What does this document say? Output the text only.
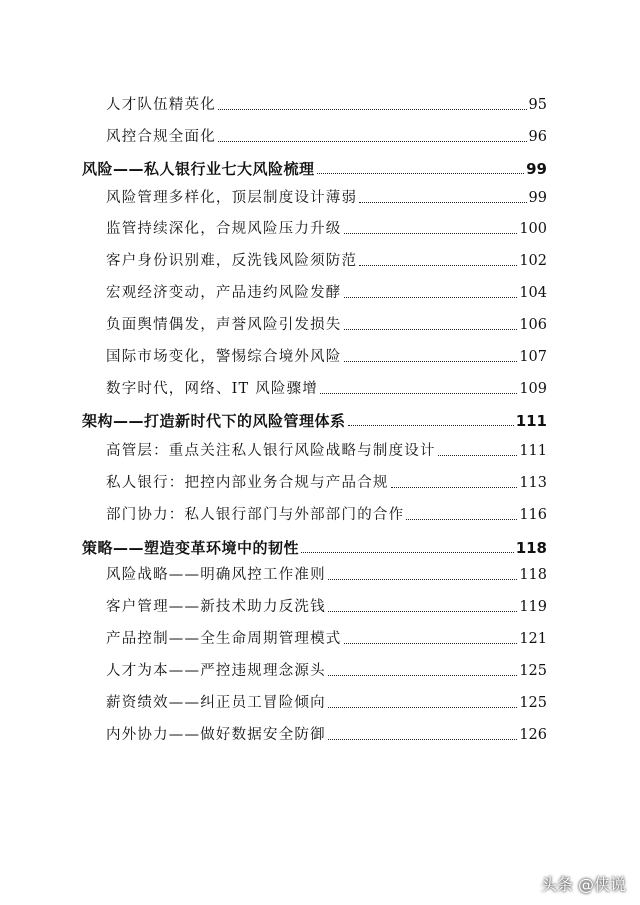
人才队伍精英化	95
风控合规全面化	96
风险——私人银行业七大风险梳理	99
风险管理多样化，顶层制度设计薄弱	99
监管持续深化，合规风险压力升级	100
客户身份识别难，反洗钱风险须防范	102
宏观经济变动，产品违约风险发酵	104
负面舆情偶发，声誉风险引发损失	106
国际市场变化，警惕综合境外风险	107
数字时代，网络、IT 风险骤增	109
架构——打造新时代下的风险管理体系	111
高管层：重点关注私人银行风险战略与制度设计	111
私人银行：把控内部业务合规与产品合规	113
部门协力：私人银行部门与外部部门的合作	116
策略——塑造变革环境中的韧性	118
风险战略——明确风控工作准则	118
客户管理——新技术助力反洗钱	119
产品控制——全生命周期管理模式	121
人才为本——严控违规理念源头	125
薪资绩效——纠正员工冒险倾向	125
内外协力——做好数据安全防御	126
头条 @侠说
